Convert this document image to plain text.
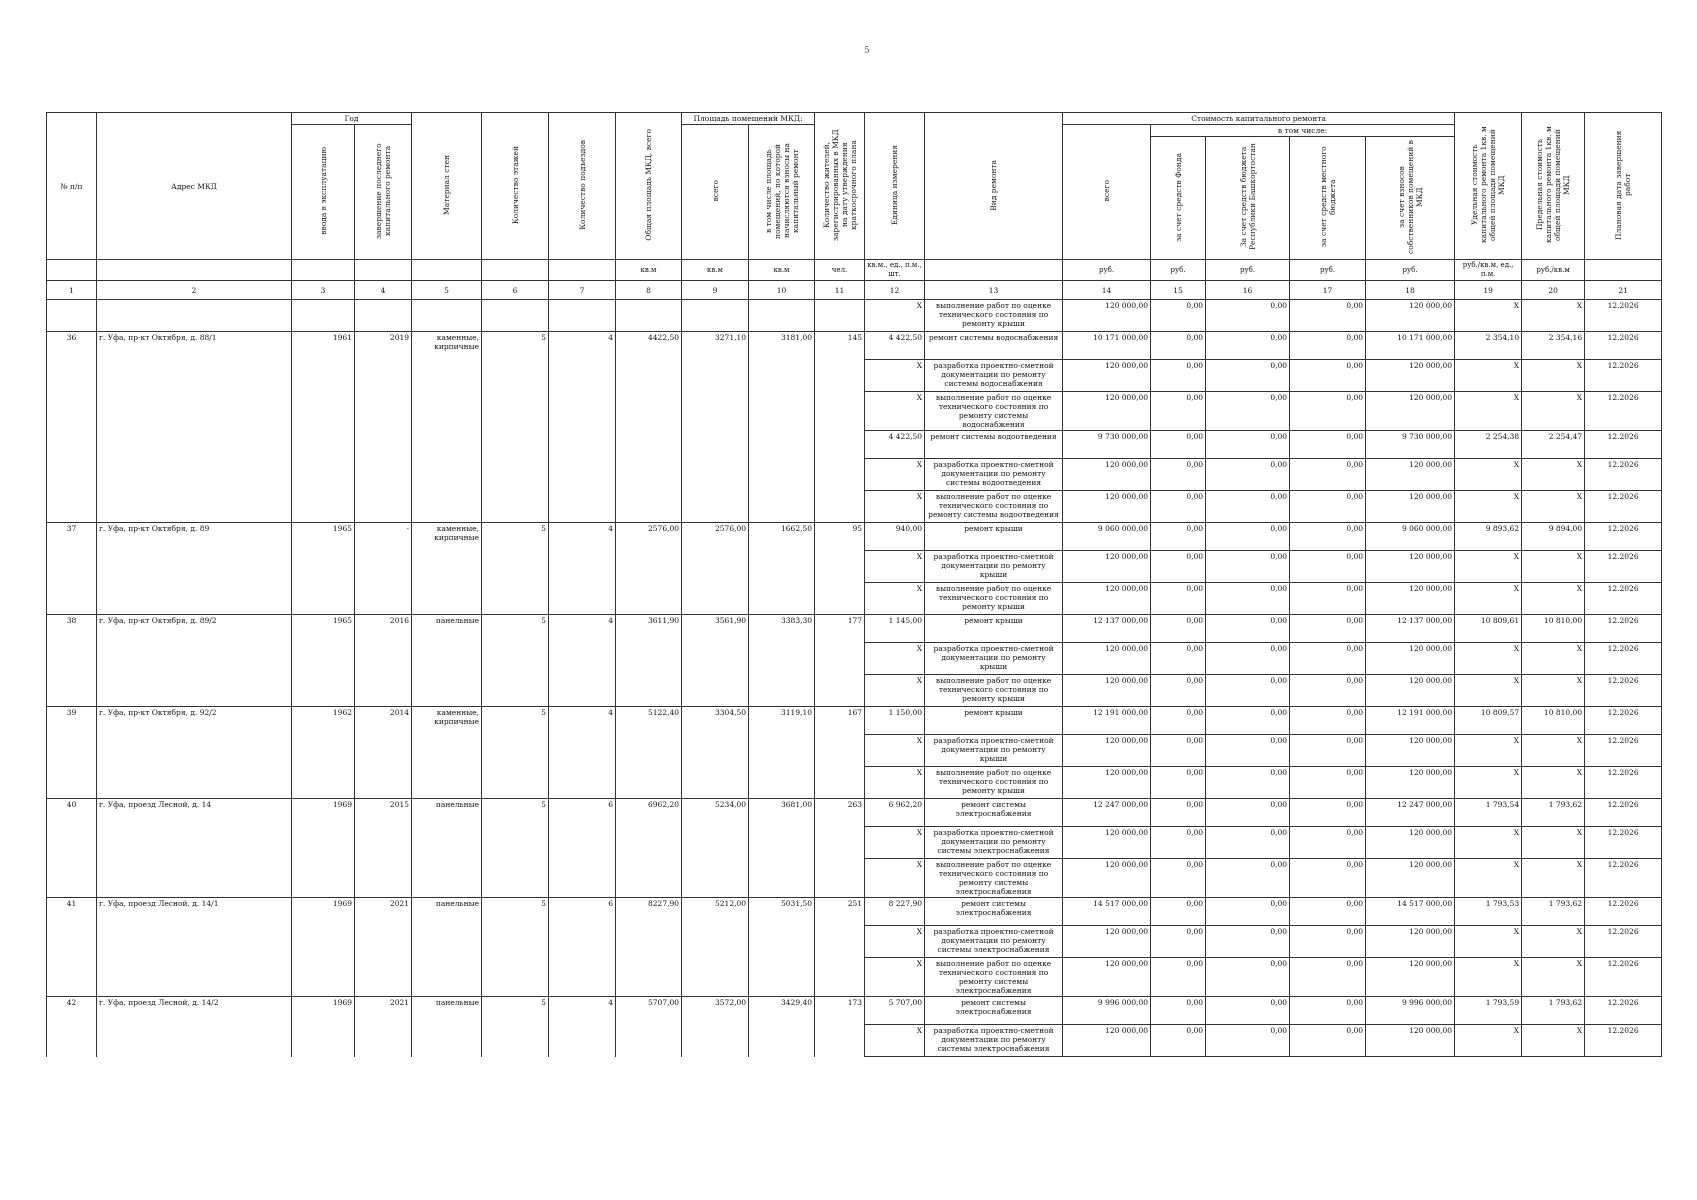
5
№ п/п	Адрес МКД	Год		Материал стен	Количество этажей	Количество подъездов	Общая площадь МКД, всего	Площадь помещений МКД:		Количество жителей, зарегистрированных в МКД на дату утверждения краткосрочного плана	Единица измерения	Вид ремонта	Стоимость капитального ремонта					Удельная стоимость капитального ремонта 1кв. м общей площади помещений МКД	Предельная стоимость капитального ремонта 1кв. м общей площади помещений МКД	Плановая дата завершения работ
		ввода в эксплуатацию	завершение последнего капитального ремонта					всего	в том числе площадь помещений, по которой начисляются взносы на капитальный ремонт				всего	в том числе:						
														за счет средств Фонда	За счет средств бюджета Республики Башкортостан	за счет средств местного бюджета	за счет взносов собственников помещений в МКД			
							кв.м	кв.м	кв.м	чел.	кв.м., ед., п.м., шт.		руб.	руб.	руб.	руб.	руб.	руб./кв.м, ед., п.м.	руб./кв.м	
1	2	3	4	5	6	7	8	9	10	11	12	13	14	15	16	17	18	19	20	21
											X	выполнение работ по оценке технического состояния по ремонту крыши	120 000,00	0,00	0,00	0,00	120 000,00	X	X	12.2026
36	г. Уфа, пр-кт Октября, д. 88/1	1961	2019	каменные, кирпичные	5	4	4422,50	3271,10	3181,00	145	4 422,50	ремонт системы водоснабжения	10 171 000,00	0,00	0,00	0,00	10 171 000,00	2 354,10	2 354,16	12.2026
											X	разработка проектно-сметной документации по ремонту системы водоснабжения	120 000,00	0,00	0,00	0,00	120 000,00	X	X	12.2026
											X	выполнение работ по оценке технического состояния по ремонту системы водоснабжения	120 000,00	0,00	0,00	0,00	120 000,00	X	X	12.2026
											4 422,50	ремонт системы водоотведения	9 730 000,00	0,00	0,00	0,00	9 730 000,00	2 254,38	2 254,47	12.2026
											X	разработка проектно-сметной документации по ремонту системы водоотведения	120 000,00	0,00	0,00	0,00	120 000,00	X	X	12.2026
											X	выполнение работ по оценке технического состояния по ремонту системы водоотведения	120 000,00	0,00	0,00	0,00	120 000,00	X	X	12.2026
37	г. Уфа, пр-кт Октября, д. 89	1965	-	каменные, кирпичные	5	4	2576,00	2576,00	1662,50	95	940,00	ремонт крыши	9 060 000,00	0,00	0,00	0,00	9 060 000,00	9 893,62	9 894,00	12.2026
											X	разработка проектно-сметной документации по ремонту крыши	120 000,00	0,00	0,00	0,00	120 000,00	X	X	12.2026
											X	выполнение работ по оценке технического состояния по ремонту крыши	120 000,00	0,00	0,00	0,00	120 000,00	X	X	12.2026
38	г. Уфа, пр-кт Октября, д. 89/2	1965	2016	панельные	5	4	3611,90	3561,90	3383,30	177	1 145,00	ремонт крыши	12 137 000,00	0,00	0,00	0,00	12 137 000,00	10 809,61	10 810,00	12.2026
											X	разработка проектно-сметной документации по ремонту крыши	120 000,00	0,00	0,00	0,00	120 000,00	X	X	12.2026
											X	выполнение работ по оценке технического состояния по ремонту крыши	120 000,00	0,00	0,00	0,00	120 000,00	X	X	12.2026
39	г. Уфа, пр-кт Октября, д. 92/2	1962	2014	каменные, кирпичные	5	4	5122,40	3304,50	3119,10	167	1 150,00	ремонт крыши	12 191 000,00	0,00	0,00	0,00	12 191 000,00	10 809,57	10 810,00	12.2026
											X	разработка проектно-сметной документации по ремонту крыши	120 000,00	0,00	0,00	0,00	120 000,00	X	X	12.2026
											X	выполнение работ по оценке технического состояния по ремонту крыши	120 000,00	0,00	0,00	0,00	120 000,00	X	X	12.2026
40	г. Уфа, проезд Лесной, д. 14	1969	2015	панельные	5	6	6962,20	5234,00	3681,00	263	6 962,20	ремонт системы электроснабжения	12 247 000,00	0,00	0,00	0,00	12 247 000,00	1 793,54	1 793,62	12.2026
											X	разработка проектно-сметной документации по ремонту системы электроснабжения	120 000,00	0,00	0,00	0,00	120 000,00	X	X	12.2026
											X	выполнение работ по оценке технического состояния по ремонту системы электроснабжения	120 000,00	0,00	0,00	0,00	120 000,00	X	X	12.2026
41	г. Уфа, проезд Лесной, д. 14/1	1969	2021	панельные	5	6	8227,90	5212,00	5031,50	251	8 227,90	ремонт системы электроснабжения	14 517 000,00	0,00	0,00	0,00	14 517 000,00	1 793,53	1 793,62	12.2026
											X	разработка проектно-сметной документации по ремонту системы электроснабжения	120 000,00	0,00	0,00	0,00	120 000,00	X	X	12.2026
											X	выполнение работ по оценке технического состояния по ремонту системы электроснабжения	120 000,00	0,00	0,00	0,00	120 000,00	X	X	12.2026
42	г. Уфа, проезд Лесной, д. 14/2	1969	2021	панельные	5	4	5707,00	3572,00	3429,40	173	5 707,00	ремонт системы электроснабжения	9 996 000,00	0,00	0,00	0,00	9 996 000,00	1 793,59	1 793,62	12.2026
											X	разработка проектно-сметной документации по ремонту системы электроснабжения	120 000,00	0,00	0,00	0,00	120 000,00	X	X	12.2026
